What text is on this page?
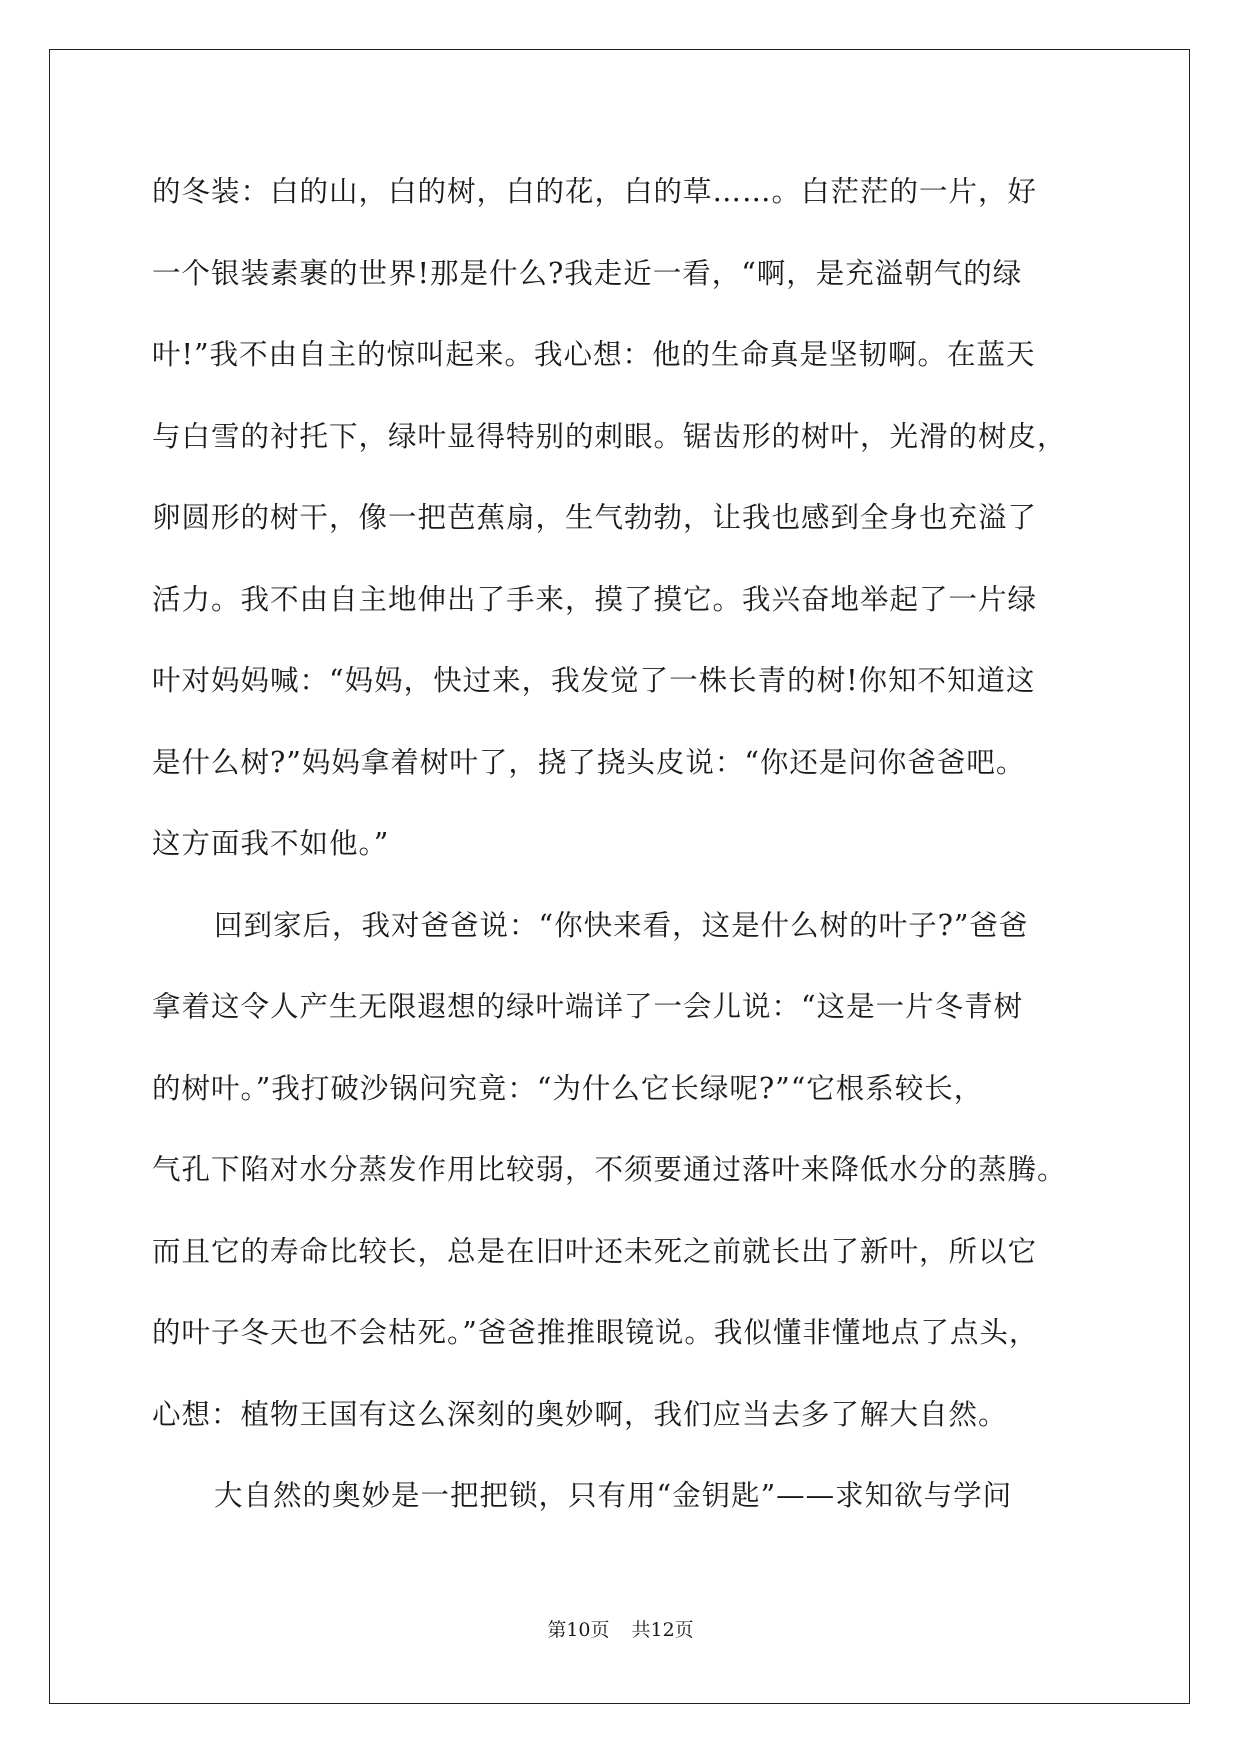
的冬装：白的山，白的树，白的花，白的草……。白茫茫的一片，好
一个银装素裹的世界!那是什么?我走近一看，“啊，是充溢朝气的绿
叶!”我不由自主的惊叫起来。我心想：他的生命真是坚韧啊。在蓝天
与白雪的衬托下，绿叶显得特别的刺眼。锯齿形的树叶，光滑的树皮，
卵圆形的树干，像一把芭蕉扇，生气勃勃，让我也感到全身也充溢了
活力。我不由自主地伸出了手来，摸了摸它。我兴奋地举起了一片绿
叶对妈妈喊：“妈妈，快过来，我发觉了一株长青的树!你知不知道这
是什么树?”妈妈拿着树叶了，挠了挠头皮说：“你还是问你爸爸吧。
这方面我不如他。”
回到家后，我对爸爸说：“你快来看，这是什么树的叶子?”爸爸
拿着这令人产生无限遐想的绿叶端详了一会儿说：“这是一片冬青树
的树叶。”我打破沙锅问究竟：“为什么它长绿呢?”“它根系较长，
气孔下陷对水分蒸发作用比较弱，不须要通过落叶来降低水分的蒸腾。
而且它的寿命比较长，总是在旧叶还未死之前就长出了新叶，所以它
的叶子冬天也不会枯死。”爸爸推推眼镜说。我似懂非懂地点了点头，
心想：植物王国有这么深刻的奥妙啊，我们应当去多了解大自然。
大自然的奥妙是一把把锁，只有用“金钥匙”——求知欲与学问
第10页 共12页
